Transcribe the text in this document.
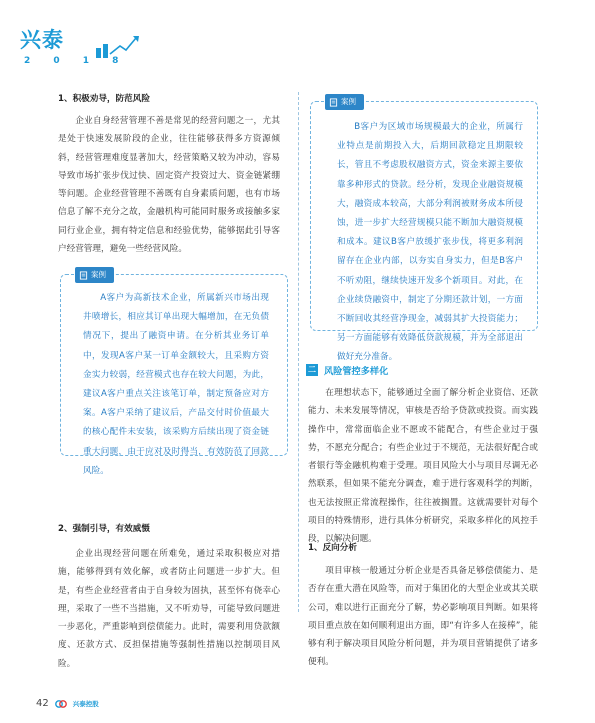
兴泰
2 0 1 8
1、积极劝导，防范风险
企业自身经营管理不善是常见的经营问题之一，尤其是处于快速发展阶段的企业，往往能够获得多方资源倾斜，经营管理难度显著加大，经营策略又较为冲动，容易导致市场扩张步伐过快、固定资产投资过大、资金链紧绷等问题。企业经营管理不善既有自身素质问题，也有市场信息了解不充分之故，金融机构可能同时服务或接触多家同行业企业，拥有特定信息和经验优势，能够据此引导客户经营管理，避免一些经营风险。
案例
A客户为高新技术企业，所属新兴市场出现井喷增长，相应其订单出现大幅增加，在无负债情况下，提出了融资申请。在分析其业务订单中，发现A客户某一订单金额较大，且采购方资金实力较弱，经营模式也存在较大问题，为此，建议A客户重点关注该笔订单，制定预备应对方案。A客户采纳了建议后，产品交付时价值最大的核心配件未安装，该采购方后续出现了资金链重大问题，由于应对及时得当，有效防范了回款风险。
2、强制引导，有效威慑
企业出现经营问题在所难免，通过采取积极应对措施，能够得到有效化解，或者防止问题进一步扩大。但是，有些企业经营者由于自身较为固执，甚至怀有侥幸心理，采取了一些不当措施，又不听劝导，可能导致问题进一步恶化，严重影响到偿债能力。此时，需要利用贷款额度、还款方式、反担保措施等强制性措施以控制项目风险。
案例
B客户为区域市场规模最大的企业，所属行业特点是前期投入大，后期回款稳定且期限较长，管且不考虑股权融资方式，资金来源主要依靠多种形式的贷款。经分析，发现企业融资规模大，融资成本较高，大部分利润被财务成本所侵蚀，进一步扩大经营规模只能不断加大融资规模和成本。建议B客户放缓扩张步伐，将更多利润留存在企业内部，以夯实自身实力，但是B客户不听劝阻，继续快速开发多个新项目。对此，在企业续贷融资中，制定了分期还款计划，一方面不断回收其经营净现金，减弱其扩大投资能力；另一方面能够有效降低贷款规模，并为全部退出做好充分准备。
二 风险管控多样化
在理想状态下，能够通过全面了解分析企业资信、还款能力、未来发展等情况，审核是否给予贷款或投资。而实践操作中，常常面临企业不愿或不能配合，有些企业过于强势，不愿充分配合；有些企业过于不规范，无法很好配合或者银行等金融机构难于受理。项目风险大小与项目尽调无必然联系，但如果不能充分调查，难于进行客观科学的判断，也无法按照正常流程操作，往往被搁置。这就需要针对每个项目的特殊情形，进行具体分析研究，采取多样化的风控手段，以解决问题。
1、反向分析
项目审核一般通过分析企业是否具备足够偿债能力、是否存在重大潜在风险等，而对于集团化的大型企业或其关联公司，难以进行正面充分了解，势必影响项目判断。如果将项目重点放在如何顺利退出方面，即“有许多人在接棒”，能够有利于解决项目风险分析问题，并为项目营销提供了诸多便利。
42	兴泰控股
